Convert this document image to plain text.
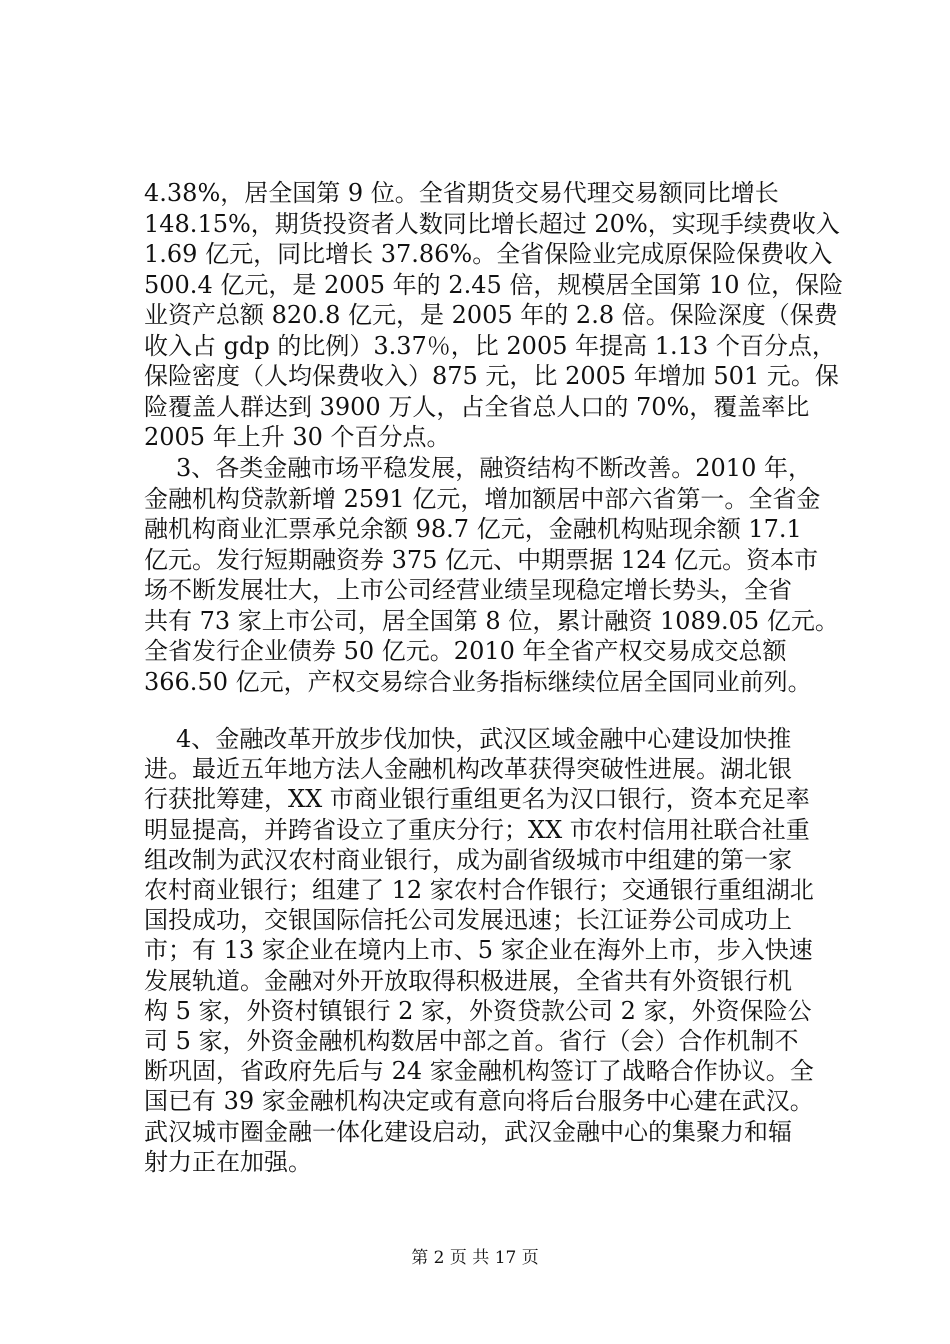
4.38%，居全国第 9 位。全省期货交易代理交易额同比增长
148.15%，期货投资者人数同比增长超过 20%，实现手续费收入
1.69 亿元，同比增长 37.86%。全省保险业完成原保险保费收入
500.4 亿元，是 2005 年的 2.45 倍，规模居全国第 10 位，保险
业资产总额 820.8 亿元，是 2005 年的 2.8 倍。保险深度（保费
收入占 gdp 的比例）3.37％，比 2005 年提高 1.13 个百分点，
保险密度（人均保费收入）875 元，比 2005 年增加 501 元。保
险覆盖人群达到 3900 万人，占全省总人口的 70%，覆盖率比
2005 年上升 30 个百分点。
3、各类金融市场平稳发展，融资结构不断改善。2010 年，
金融机构贷款新增 2591 亿元，增加额居中部六省第一。全省金
融机构商业汇票承兑余额 98.7 亿元，金融机构贴现余额 17.1
亿元。发行短期融资券 375 亿元、中期票据 124 亿元。资本市
场不断发展壮大，上市公司经营业绩呈现稳定增长势头，全省
共有 73 家上市公司，居全国第 8 位，累计融资 1089.05 亿元。
全省发行企业债券 50 亿元。2010 年全省产权交易成交总额
366.50 亿元，产权交易综合业务指标继续位居全国同业前列。
4、金融改革开放步伐加快，武汉区域金融中心建设加快推
进。最近五年地方法人金融机构改革获得突破性进展。湖北银
行获批筹建，XX 市商业银行重组更名为汉口银行，资本充足率
明显提高，并跨省设立了重庆分行；XX 市农村信用社联合社重
组改制为武汉农村商业银行，成为副省级城市中组建的第一家
农村商业银行；组建了 12 家农村合作银行；交通银行重组湖北
国投成功，交银国际信托公司发展迅速；长江证券公司成功上
市；有 13 家企业在境内上市、5 家企业在海外上市，步入快速
发展轨道。金融对外开放取得积极进展，全省共有外资银行机
构 5 家，外资村镇银行 2 家，外资贷款公司 2 家，外资保险公
司 5 家，外资金融机构数居中部之首。省行（会）合作机制不
断巩固，省政府先后与 24 家金融机构签订了战略合作协议。全
国已有 39 家金融机构决定或有意向将后台服务中心建在武汉。
武汉城市圈金融一体化建设启动，武汉金融中心的集聚力和辐
射力正在加强。
第 2 页 共 17 页
